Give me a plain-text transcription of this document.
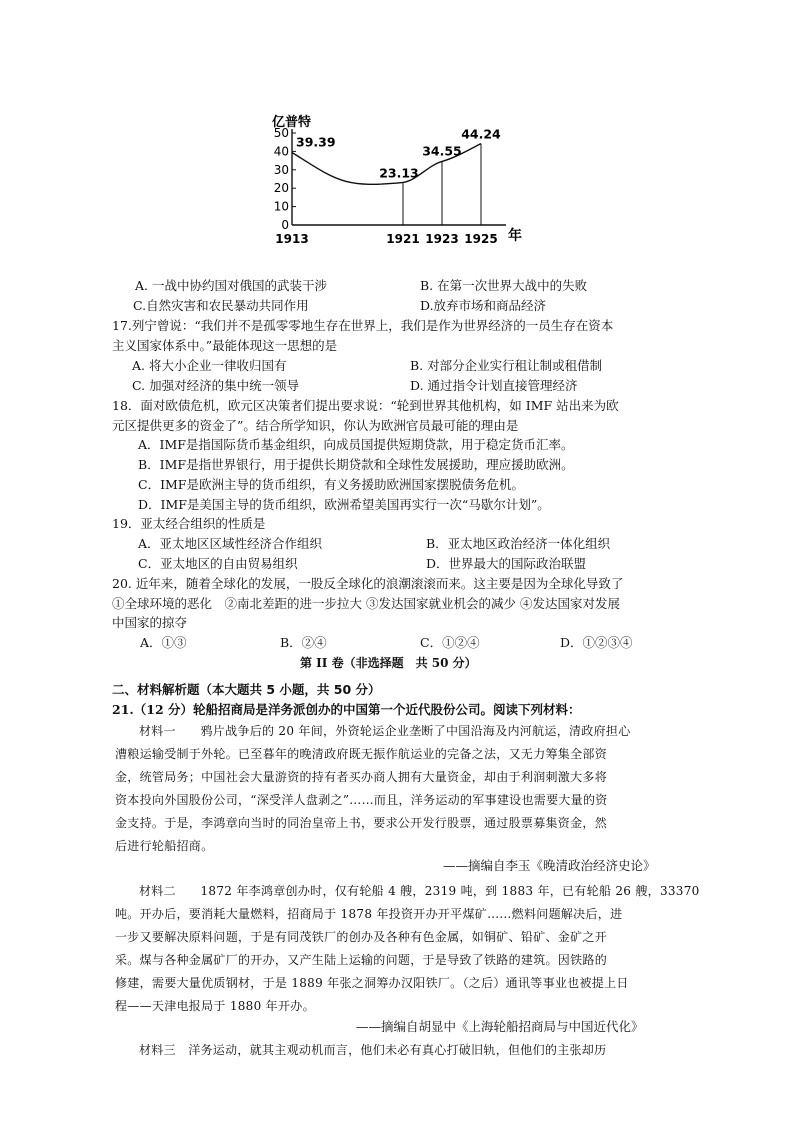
亿普特
年
0
10
20
30
40
50
1913	1921 1923 1925
39.39
23.13
34.55
44.24
A. 一战中协约国对俄国的武装干涉	B. 在第一次世界大战中的失败
C.自然灾害和农民暴动共同作用	D.放弃市场和商品经济
17.列宁曾说：“我们并不是孤零零地生存在世界上，我们是作为世界经济的一员生存在资本
主义国家体系中。”最能体现这一思想的是
A. 将大小企业一律收归国有	B. 对部分企业实行租让制或租借制
C. 加强对经济的集中统一领导	D. 通过指令计划直接管理经济
18．面对欧债危机，欧元区决策者们提出要求说：“轮到世界其他机构，如 IMF 站出来为欧
元区提供更多的资金了”。结合所学知识，你认为欧洲官员最可能的理由是
A．IMF是指国际货币基金组织，向成员国提供短期贷款，用于稳定货币汇率。
B．IMF是指世界银行，用于提供长期贷款和全球性发展援助，理应援助欧洲。
C．IMF是欧洲主导的货币组织，有义务援助欧洲国家摆脱债务危机。
D．IMF是美国主导的货币组织，欧洲希望美国再实行一次“马歇尔计划”。
19．亚太经合组织的性质是
A．亚太地区区域性经济合作组织	B．亚太地区政治经济一体化组织
C．亚太地区的自由贸易组织	D．世界最大的国际政治联盟
20. 近年来，随着全球化的发展，一股反全球化的浪潮滚滚而来。这主要是因为全球化导致了
①全球环境的恶化　②南北差距的进一步拉大 ③发达国家就业机会的减少 ④发达国家对发展
中国家的掠夺
A．①③	B．②④	C．①②④	D．①②③④
第 II 卷（非选择题　共 50 分）
二、材料解析题（本大题共 5 小题，共 50 分）
21.（12 分）轮船招商局是洋务派创办的中国第一个近代股份公司。阅读下列材料：
材料一　　鸦片战争后的 20 年间，外资轮运企业垄断了中国沿海及内河航运，清政府担心
漕粮运输受制于外轮。已至暮年的晚清政府既无振作航运业的完备之法，又无力筹集全部资
金，统管局务；中国社会大量游资的持有者买办商人拥有大量资金，却由于利润刺激大多将
资本投向外国股份公司，“深受洋人盘剥之”……而且，洋务运动的军事建设也需要大量的资
金支持。于是，李鸿章向当时的同治皇帝上书，要求公开发行股票，通过股票募集资金，然
后进行轮船招商。
——摘编自李玉《晚清政治经济史论》
材料二　　1872 年李鸿章创办时，仅有轮船 4 艘，2319 吨，到 1883 年，已有轮船 26 艘，33370
吨。开办后，要消耗大量燃料，招商局于 1878 年投资开办开平煤矿……燃料问题解决后，进
一步又要解决原料问题，于是有同茂铁厂的创办及各种有色金属，如铜矿、铅矿、金矿之开
采。煤与各种金属矿厂的开办，又产生陆上运输的问题，于是导致了铁路的建筑。因铁路的
修建，需要大量优质钢材，于是 1889 年张之洞筹办汉阳铁厂。（之后）通讯等事业也被提上日
程——天津电报局于 1880 年开办。
——摘编自胡显中《上海轮船招商局与中国近代化》
材料三　洋务运动，就其主观动机而言，他们未必有真心打破旧轨，但他们的主张却历
